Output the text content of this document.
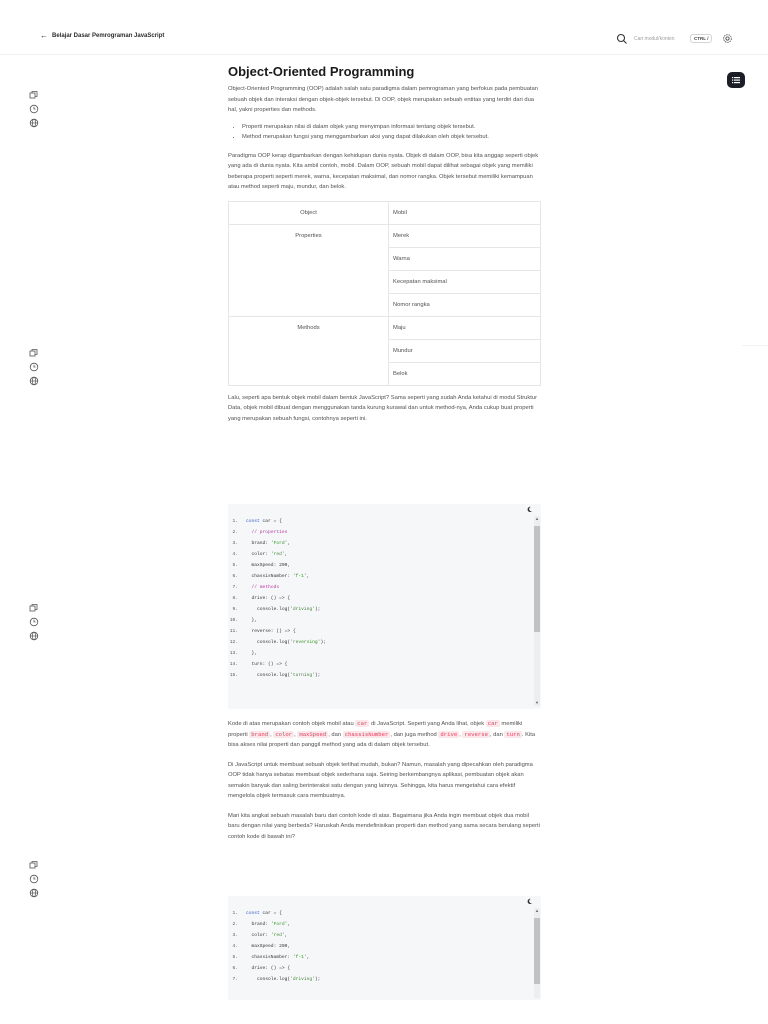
← Belajar Dasar Pemrograman JavaScript	Cari modul/konten	CTRL /
Object-Oriented Programming

Object-Oriented Programming (OOP) adalah salah satu paradigma dalam pemrograman yang berfokus pada pembuatan sebuah objek dan interaksi dengan objek-objek tersebut. Di OOP, objek merupakan sebuah entitas yang terdiri dari dua hal, yakni properties dan methods.

• Properti merupakan nilai di dalam objek yang menyimpan informasi tentang objek tersebut.
• Method merupakan fungsi yang menggambarkan aksi yang dapat dilakukan oleh objek tersebut.

Paradigma OOP kerap digambarkan dengan kehidupan dunia nyata. Objek di dalam OOP, bisa kita anggap seperti objek yang ada di dunia nyata. Kita ambil contoh, mobil. Dalam OOP, sebuah mobil dapat dilihat sebagai objek yang memiliki beberapa properti seperti merek, warna, kecepatan maksimal, dan nomor rangka. Objek tersebut memiliki kemampuan atau method seperti maju, mundur, dan belok.

Object	Mobil
Properties	Merek
	Warna
	Kecepatan maksimal
	Nomor rangka
Methods	Maju
	Mundur
	Belok

Lalu, seperti apa bentuk objek mobil dalam bentuk JavaScript? Sama seperti yang sudah Anda ketahui di modul Struktur Data, objek mobil dibuat dengan menggunakan tanda kurung kurawal dan untuk method-nya, Anda cukup buat properti yang merupakan sebuah fungsi, contohnya seperti ini.

1. const car = {
2.	// properties
3. brand: 'Ford',
4. color: 'red',
5. maxSpeed: 200,
6. chassisNumber: 'f-1',
7.	// methods
8. drive: () => {
9. console.log('driving');
10. },
11. reverse: () => {
12. console.log('reversing');
13. },
14. turn: () => {
15. console.log('turning');
▲
▼

Kode di atas merupakan contoh objek mobil atau car di JavaScript. Seperti yang Anda lihat, objek car memiliki properti brand , color , maxSpeed , dan chassisNumber , dan juga method drive , reverse , dan turn . Kita bisa akses nilai properti dan panggil method yang ada di dalam objek tersebut.

Di JavaScript untuk membuat sebuah objek terlihat mudah, bukan? Namun, masalah yang dipecahkan oleh paradigma OOP tidak hanya sebatas membuat objek sederhana saja. Seiring berkembangnya aplikasi, pembuatan objek akan semakin banyak dan saling berinteraksi satu dengan yang lainnya. Sehingga, kita harus mengetahui cara efektif mengelola objek termasuk cara membuatnya.

Mari kita angkat sebuah masalah baru dari contoh kode di atas. Bagaimana jika Anda ingin membuat objek dua mobil baru dengan nilai yang berbeda? Haruskah Anda mendefinisikan properti dan method yang sama secara berulang seperti contoh kode di bawah ini?

1. const car = {
2. brand: 'Ford',
3. color: 'red',
4. maxSpeed: 200,
5. chassisNumber: 'f-1',
6. drive: () => {
7. console.log('driving');
▲
